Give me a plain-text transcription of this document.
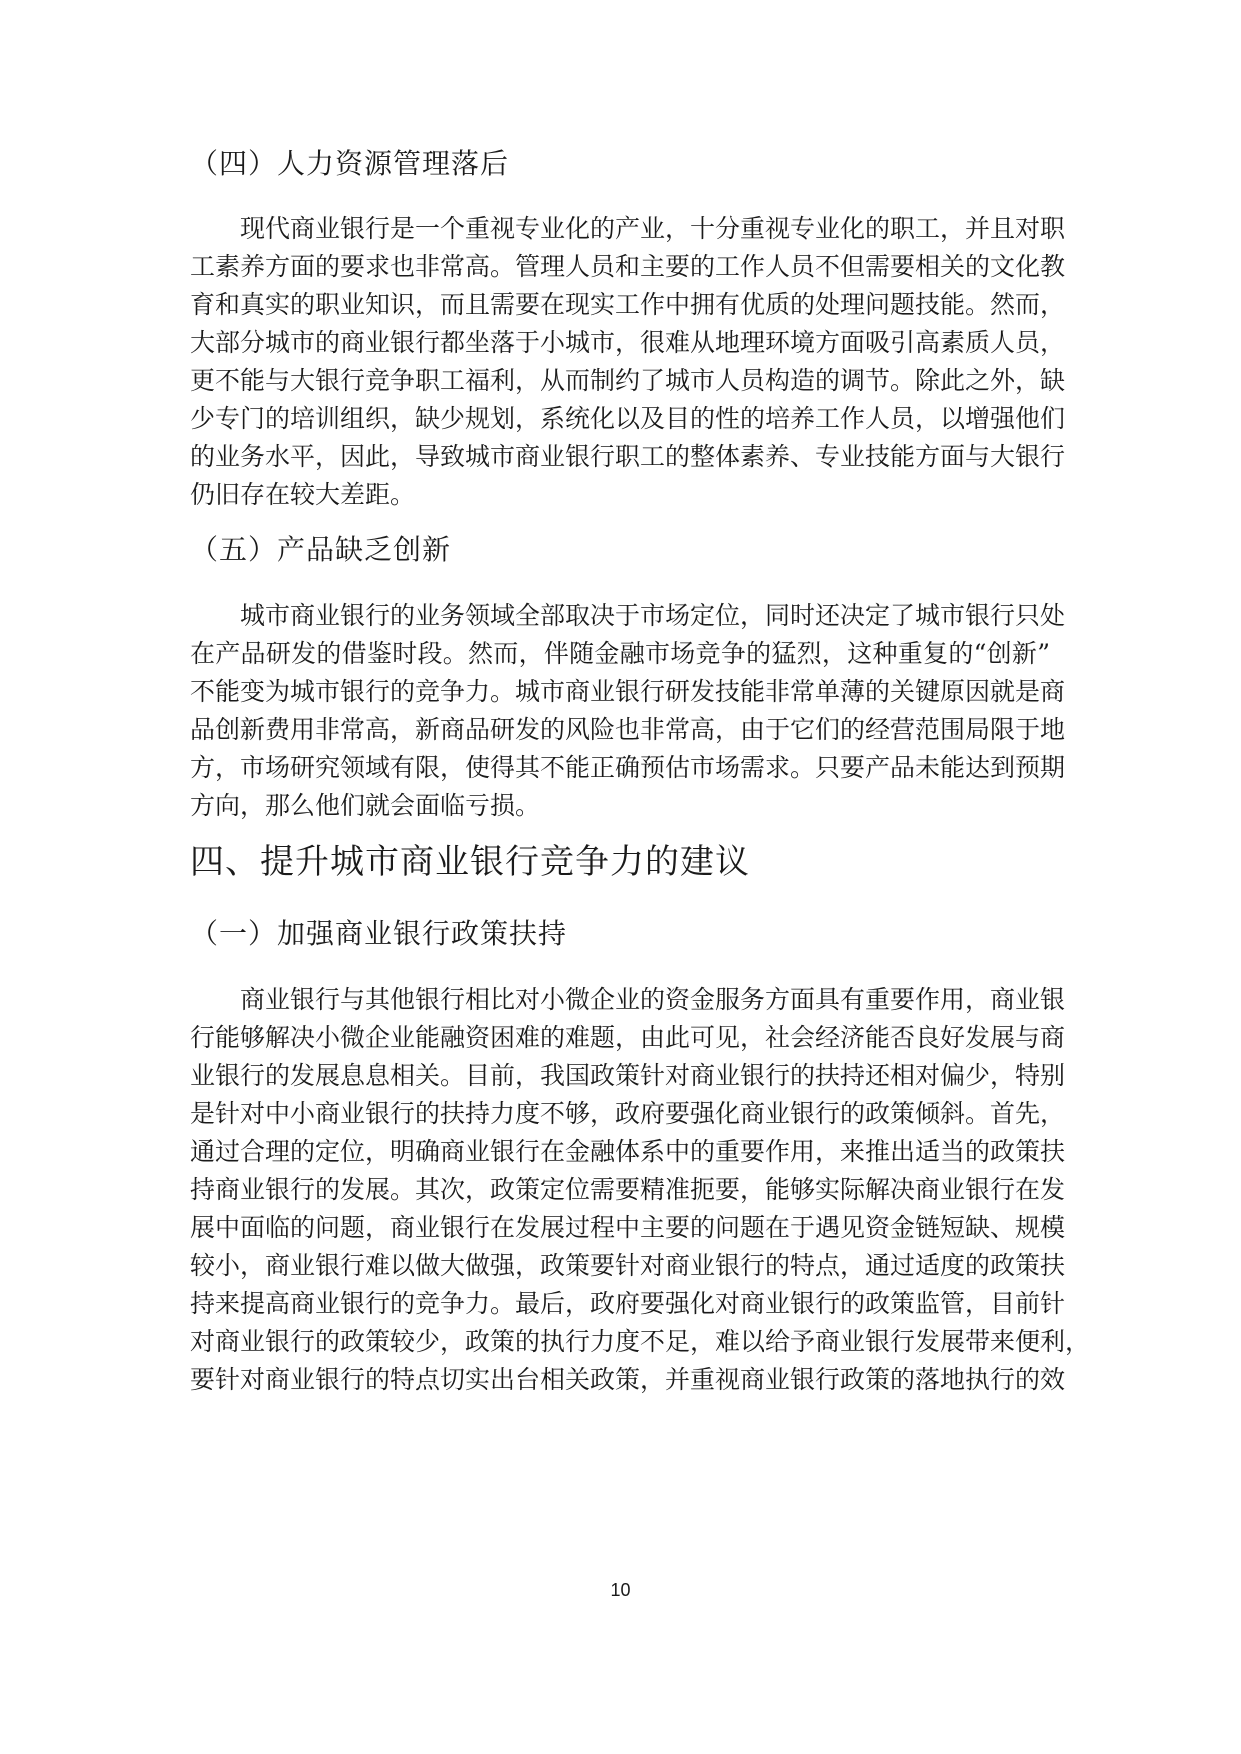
（四）人力资源管理落后
现代商业银行是一个重视专业化的产业，十分重视专业化的职工，并且对职
工素养方面的要求也非常高。管理人员和主要的工作人员不但需要相关的文化教
育和真实的职业知识，而且需要在现实工作中拥有优质的处理问题技能。然而，
大部分城市的商业银行都坐落于小城市，很难从地理环境方面吸引高素质人员，
更不能与大银行竞争职工福利，从而制约了城市人员构造的调节。除此之外，缺
少专门的培训组织，缺少规划，系统化以及目的性的培养工作人员，以增强他们
的业务水平，因此，导致城市商业银行职工的整体素养、专业技能方面与大银行
仍旧存在较大差距。
（五）产品缺乏创新
城市商业银行的业务领域全部取决于市场定位，同时还决定了城市银行只处
在产品研发的借鉴时段。然而，伴随金融市场竞争的猛烈，这种重复的“创新”
不能变为城市银行的竞争力。城市商业银行研发技能非常单薄的关键原因就是商
品创新费用非常高，新商品研发的风险也非常高，由于它们的经营范围局限于地
方，市场研究领域有限，使得其不能正确预估市场需求。只要产品未能达到预期
方向，那么他们就会面临亏损。
四、提升城市商业银行竞争力的建议
（一）加强商业银行政策扶持
商业银行与其他银行相比对小微企业的资金服务方面具有重要作用，商业银
行能够解决小微企业能融资困难的难题，由此可见，社会经济能否良好发展与商
业银行的发展息息相关。目前，我国政策针对商业银行的扶持还相对偏少，特别
是针对中小商业银行的扶持力度不够，政府要强化商业银行的政策倾斜。首先，
通过合理的定位，明确商业银行在金融体系中的重要作用，来推出适当的政策扶
持商业银行的发展。其次，政策定位需要精准扼要，能够实际解决商业银行在发
展中面临的问题，商业银行在发展过程中主要的问题在于遇见资金链短缺、规模
较小，商业银行难以做大做强，政策要针对商业银行的特点，通过适度的政策扶
持来提高商业银行的竞争力。最后，政府要强化对商业银行的政策监管，目前针
对商业银行的政策较少，政策的执行力度不足，难以给予商业银行发展带来便利，
要针对商业银行的特点切实出台相关政策，并重视商业银行政策的落地执行的效
10
